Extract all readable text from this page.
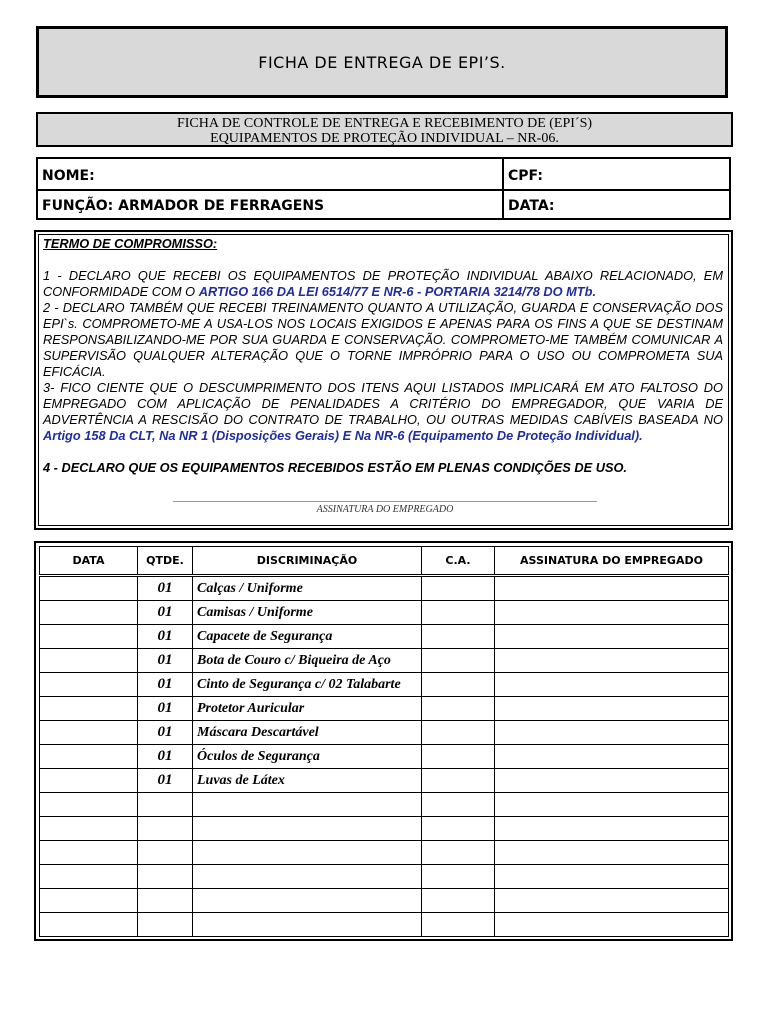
FICHA DE ENTREGA DE EPI’S.
FICHA DE CONTROLE DE ENTREGA E RECEBIMENTO DE (EPI´S)
EQUIPAMENTOS DE PROTEÇÃO INDIVIDUAL – NR-06.
NOME:	CPF:
FUNÇÃO: ARMADOR DE FERRAGENS	DATA:

TERMO DE COMPROMISSO:

1 - DECLARO QUE RECEBI OS EQUIPAMENTOS DE PROTEÇÃO INDIVIDUAL ABAIXO RELACIONADO, EM CONFORMIDADE COM O ARTIGO 166 DA LEI 6514/77 E NR-6 - PORTARIA 3214/78 DO MTb.

2 - DECLARO TAMBÉM QUE RECEBI TREINAMENTO QUANTO A UTILIZAÇÃO, GUARDA E CONSERVAÇÃO DOS EPI`s. COMPROMETO-ME A USA-LOS NOS LOCAIS EXIGIDOS E APENAS PARA OS FINS A QUE SE DESTINAM RESPONSABILIZANDO-ME POR SUA GUARDA E CONSERVAÇÃO. COMPROMETO-ME TAMBÉM COMUNICAR A SUPERVISÃO QUALQUER ALTERAÇÃO QUE O TORNE IMPRÓPRIO PARA O USO OU COMPROMETA SUA EFICÁCIA.

3- FICO CIENTE QUE O DESCUMPRIMENTO DOS ITENS AQUI LISTADOS IMPLICARÁ EM ATO FALTOSO DO EMPREGADO COM APLICAÇÃO DE PENALIDADES A CRITÉRIO DO EMPREGADOR, QUE VARIA DE ADVERTÊNCIA A RESCISÃO DO CONTRATO DE TRABALHO, OU OUTRAS MEDIDAS CABÍVEIS BASEADA NO Artigo 158 Da CLT, Na NR 1 (Disposições Gerais) E Na NR-6 (Equipamento De Proteção Individual).

4 - DECLARO QUE OS EQUIPAMENTOS RECEBIDOS ESTÃO EM PLENAS CONDIÇÕES DE USO.

ASSINATURA DO EMPREGADO
DATA	QTDE.	DISCRIMINAÇÃO	C.A.	ASSINATURA DO EMPREGADO
	01	Calças / Uniforme		
	01	Camisas / Uniforme		
	01	Capacete de Segurança		
	01	Bota de Couro c/ Biqueira de Aço		
	01	Cinto de Segurança c/ 02 Talabarte		
	01	Protetor Auricular		
	01	Máscara Descartável		
	01	Óculos de Segurança		
	01	Luvas de Látex		
